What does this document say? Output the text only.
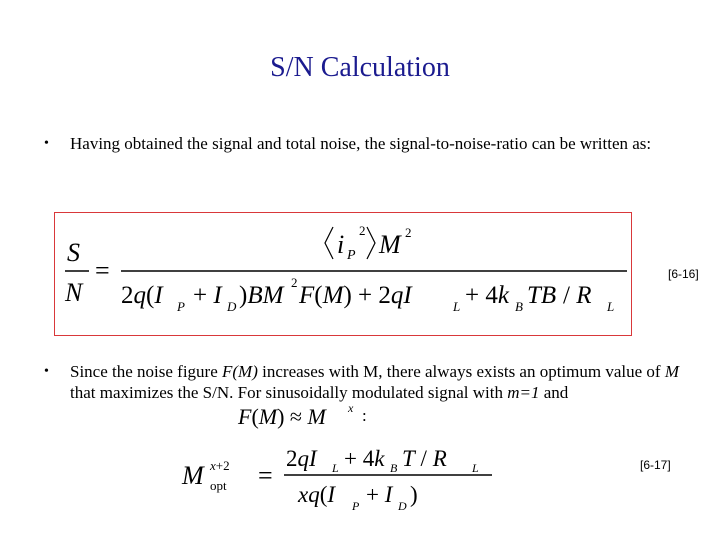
S/N Calculation
• Having obtained the signal and total noise, the signal-to-noise-ratio can be written as:
S
N
=
i P
2 M 2
2q(I P + I D )BM 2 F(M) + 2qI	L + 4k B TB / R L
[6-16]
• Since the noise figure F(M) increases with M, there always exists an optimum value of M that maximizes the S/N. For sinusoidally modulated signal with m=1 and
F(M) ≈ M x :
M x+2
opt =
2qI L + 4k B T / R L
xq(I P + I D )
[6-17]
